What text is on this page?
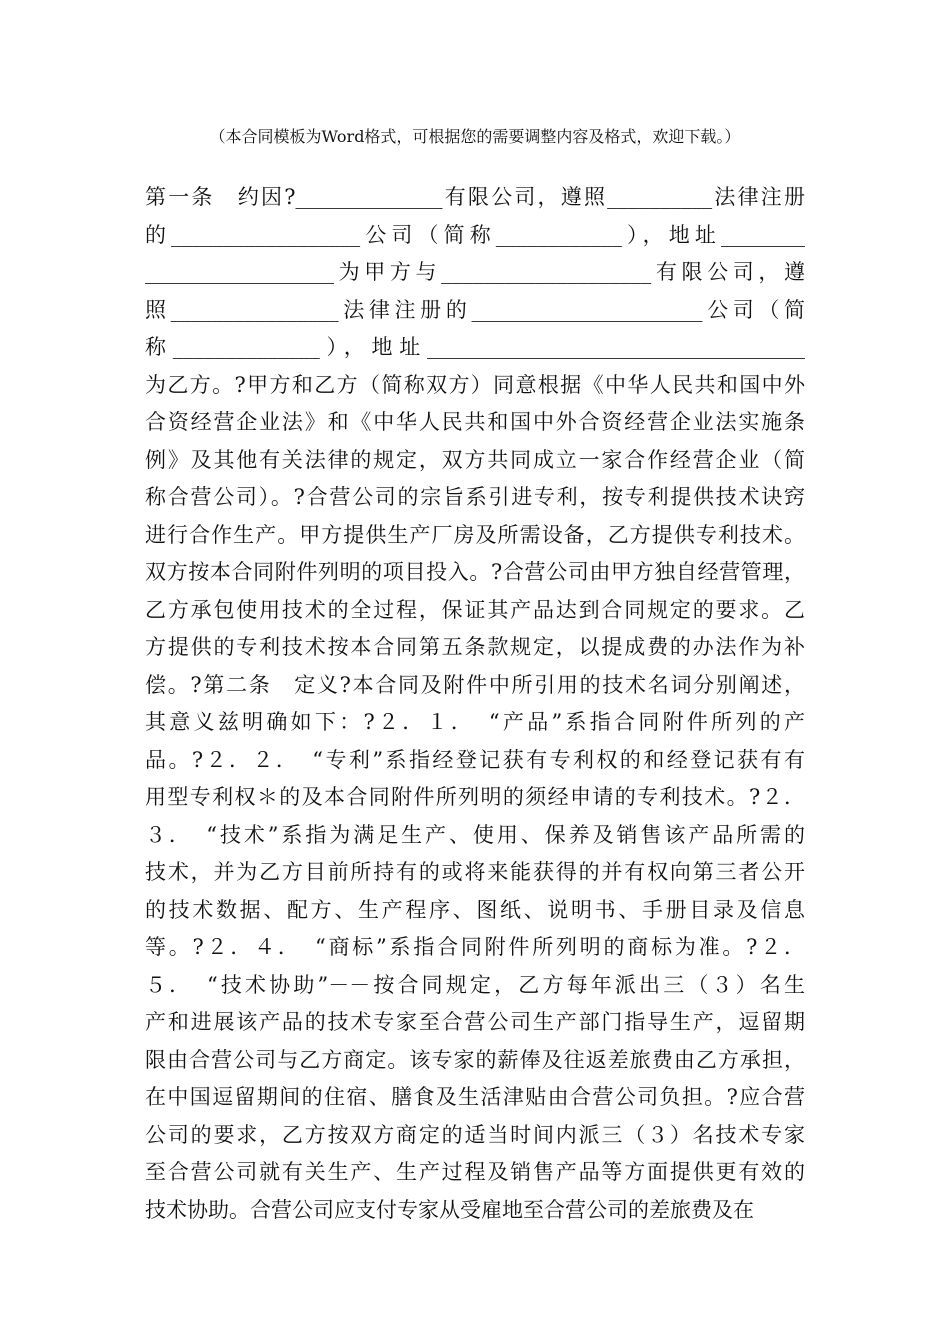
（本合同模板为Word格式，可根据您的需要调整内容及格式，欢迎下载。）
第一条　约因?______________有限公司，遵照__________法律注册
的__________________公司（简称____________），地址________
__________________为甲方与____________________有限公司，遵
照________________法律注册的______________________公司（简
称______________），地址____________________________________
为乙方。?甲方和乙方（简称双方）同意根据《中华人民共和国中外
合资经营企业法》和《中华人民共和国中外合资经营企业法实施条
例》及其他有关法律的规定，双方共同成立一家合作经营企业（简
称合营公司）。?合营公司的宗旨系引进专利，按专利提供技术诀窍
进行合作生产。甲方提供生产厂房及所需设备，乙方提供专利技术。
双方按本合同附件列明的项目投入。?合营公司由甲方独自经营管理，
乙方承包使用技术的全过程，保证其产品达到合同规定的要求。乙
方提供的专利技术按本合同第五条款规定，以提成费的办法作为补
偿。?第二条　定义?本合同及附件中所引用的技术名词分别阐述，
其意义兹明确如下：?２．１．　“产品”系指合同附件所列的产
品。?２．２．　“专利”系指经登记获有专利权的和经登记获有有
用型专利权＊的及本合同附件所列明的须经申请的专利技术。?２．
３．　“技术”系指为满足生产、使用、保养及销售该产品所需的
技术，并为乙方目前所持有的或将来能获得的并有权向第三者公开
的技术数据、配方、生产程序、图纸、说明书、手册目录及信息
等。?２．４．　“商标”系指合同附件所列明的商标为准。?２．
５．　“技术协助”－－按合同规定，乙方每年派出三（３）名生
产和进展该产品的技术专家至合营公司生产部门指导生产，逗留期
限由合营公司与乙方商定。该专家的薪俸及往返差旅费由乙方承担，
在中国逗留期间的住宿、膳食及生活津贴由合营公司负担。?应合营
公司的要求，乙方按双方商定的适当时间内派三（３）名技术专家
至合营公司就有关生产、生产过程及销售产品等方面提供更有效的
技术协助。合营公司应支付专家从受雇地至合营公司的差旅费及在
